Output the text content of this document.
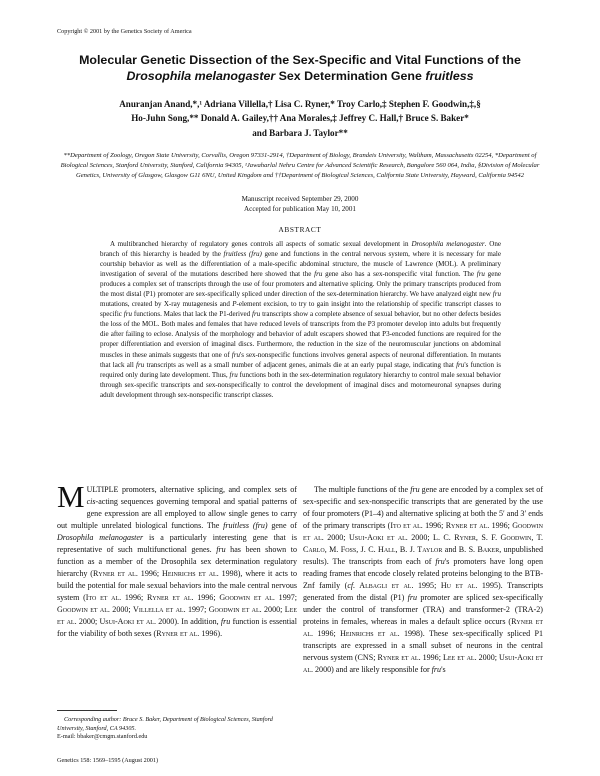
Copyright © 2001 by the Genetics Society of America
Molecular Genetic Dissection of the Sex-Specific and Vital Functions of the
Drosophila melanogaster Sex Determination Gene fruitless
Anuranjan Anand,*,¹ Adriana Villella,† Lisa C. Ryner,* Troy Carlo,‡ Stephen F. Goodwin,‡,§
Ho-Juhn Song,** Donald A. Gailey,†† Ana Morales,‡ Jeffrey C. Hall,† Bruce S. Baker*
and Barbara J. Taylor**
**Department of Zoology, Oregon State University, Corvallis, Oregon 97331-2914, †Department of Biology, Brandeis University, Waltham, Massachusetts 02254, *Department of Biological Sciences, Stanford University, Stanford, California 94305, ¹Jawaharlal Nehru Centre for Advanced Scientific Research, Bangalore 560 064, India, §Division of Molecular Genetics, University of Glasgow, Glasgow G11 6NU, United Kingdom and ††Department of Biological Sciences, California State University, Hayward, California 94542
Manuscript received September 29, 2000
Accepted for publication May 10, 2001
ABSTRACT

A multibranched hierarchy of regulatory genes controls all aspects of somatic sexual development in Drosophila melanogaster. One branch of this hierarchy is headed by the fruitless (fru) gene and functions in the central nervous system, where it is necessary for male courtship behavior as well as the differentiation of a male-specific abdominal structure, the muscle of Lawrence (MOL). A preliminary investigation of several of the mutations described here showed that the fru gene also has a sex-nonspecific vital function. The fru gene produces a complex set of transcripts through the use of four promoters and alternative splicing. Only the primary transcripts produced from the most distal (P1) promoter are sex-specifically spliced under direction of the sex-determination hierarchy. We have analyzed eight new fru mutations, created by X-ray mutagenesis and P-element excision, to try to gain insight into the relationship of specific transcript classes to specific fru functions. Males that lack the P1-derived fru transcripts show a complete absence of sexual behavior, but no other defects besides the loss of the MOL. Both males and females that have reduced levels of transcripts from the P3 promoter develop into adults but frequently die after failing to eclose. Analysis of the morphology and behavior of adult escapers showed that P3-encoded functions are required for the proper differentiation and eversion of imaginal discs. Furthermore, the reduction in the size of the neuromuscular junctions on abdominal muscles in these animals suggests that one of fru's sex-nonspecific functions involves general aspects of neuronal differentiation. In mutants that lack all fru transcripts as well as a small number of adjacent genes, animals die at an early pupal stage, indicating that fru's function is required only during late development. Thus, fru functions both in the sex-determination regulatory hierarchy to control male sexual behavior through sex-specific transcripts and sex-nonspecifically to control the development of imaginal discs and motorneuronal synapses during adult development through sex-nonspecific transcript classes.

MULTIPLE promoters, alternative splicing, and complex sets of cis-acting sequences governing temporal and spatial patterns of gene expression are all employed to allow single genes to carry out multiple unrelated biological functions. The fruitless (fru) gene of Drosophila melanogaster is a particularly interesting gene that is representative of such multifunctional genes. fru has been shown to function as a member of the Drosophila sex determination regulatory hierarchy (Ryner et al. 1996; Heinrichs et al. 1998), where it acts to build the potential for male sexual behaviors into the male central nervous system (Ito et al. 1996; Ryner et al. 1996; Goodwin et al. 1997; Goodwin et al. 2000; Villella et al. 1997; Goodwin et al. 2000; Lee et al. 2000; Usui-Aoki et al. 2000). In addition, fru function is essential for the viability of both sexes (Ryner et al. 1996).

Corresponding author: Bruce S. Baker, Department of Biological Sciences, Stanford University, Stanford, CA 94305.

E-mail: bbaker@cmgm.stanford.edu

The multiple functions of the fru gene are encoded by a complex set of sex-specific and sex-nonspecific transcripts that are generated by the use of four promoters (P1–4) and alternative splicing at both the 5′ and 3′ ends of the primary transcripts (Ito et al. 1996; Ryner et al. 1996; Goodwin et al. 2000; Usui-Aoki et al. 2000; L. C. Ryner, S. F. Goodwin, T. Carlo, M. Foss, J. C. Hall, B. J. Taylor and B. S. Baker, unpublished results). The transcripts from each of fru's promoters have long open reading frames that encode closely related proteins belonging to the BTB-Znf family (cf. Albagli et al. 1995; Hu et al. 1995). Transcripts generated from the distal (P1) fru promoter are spliced sex-specifically under the control of transformer (TRA) and transformer-2 (TRA-2) proteins in females, whereas in males a default splice occurs (Ryner et al. 1996; Heinrichs et al. 1998). These sex-specifically spliced P1 transcripts are expressed in a small subset of neurons in the central nervous system (CNS; Ryner et al. 1996; Lee et al. 2000; Usui-Aoki et al. 2000) and are likely responsible for fru's

Genetics 158: 1569–1595 (August 2001)
